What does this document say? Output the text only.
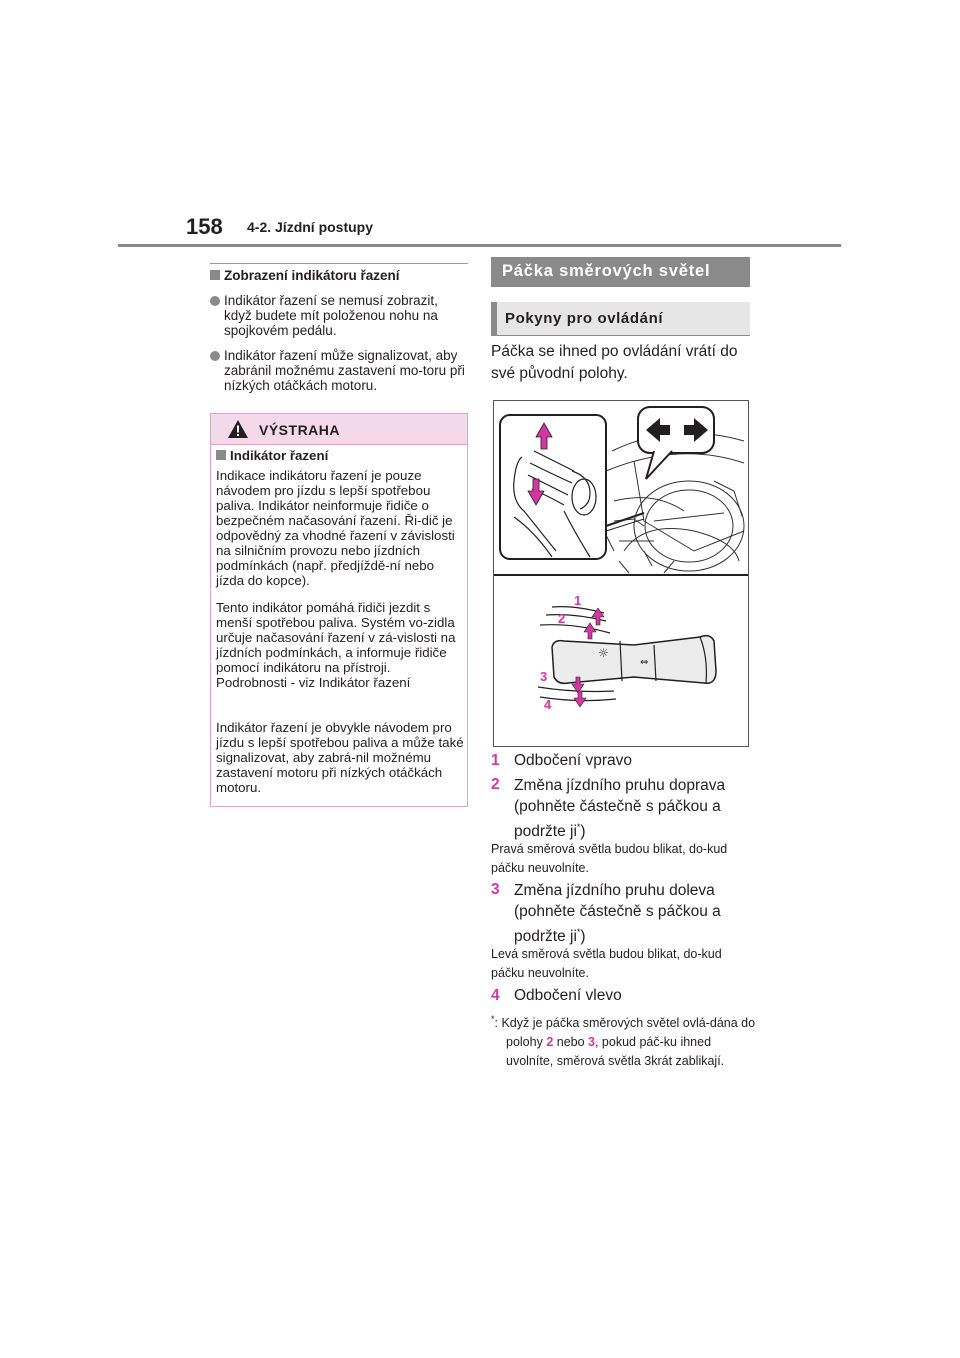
158 4-2. Jízdní postupy
Zobrazení indikátoru řazení
Indikátor řazení se nemusí zobrazit, když budete mít položenou nohu na spojkovém pedálu.
Indikátor řazení může signalizovat, aby zabránil možnému zastavení mo-toru při nízkých otáčkách motoru.
VÝSTRAHA
Indikátor řazení
Indikace indikátoru řazení je pouze návodem pro jízdu s lepší spotřebou paliva. Indikátor neinformuje řidiče o bezpečném načasování řazení. Ři-dič je odpovědný za vhodné řazení v závislosti na silničním provozu nebo jízdních podmínkách (např. předjíždě-ní nebo jízda do kopce).
Tento indikátor pomáhá řidiči jezdit s menší spotřebou paliva. Systém vo-zidla určuje načasování řazení v zá-vislosti na jízdních podmínkách, a informuje řidiče pomocí indikátoru na přístroji. Podrobnosti - viz Indikátor řazení
Indikátor řazení je obvykle návodem pro jízdu s lepší spotřebou paliva a může také signalizovat, aby zabrá-nil možnému zastavení motoru při nízkých otáčkách motoru.
Páčka směrových světel
Pokyny pro ovládání
Páčka se ihned po ovládání vrátí do své původní polohy.
☼
⇔
1
2
3
4
1 Odbočení vpravo
2 Změna jízdního pruhu doprava (pohněte částečně s páčkou a podržte ji*)
Pravá směrová světla budou blikat, do-kud páčku neuvolníte.
3 Změna jízdního pruhu doleva (pohněte částečně s páčkou a podržte ji*)
Levá směrová světla budou blikat, do-kud páčku neuvolníte.
4 Odbočení vlevo
*: Když je páčka směrových světel ovlá-dána do polohy 2 nebo 3, pokud páč-ku ihned uvolníte, směrová světla 3krát zablikají.
